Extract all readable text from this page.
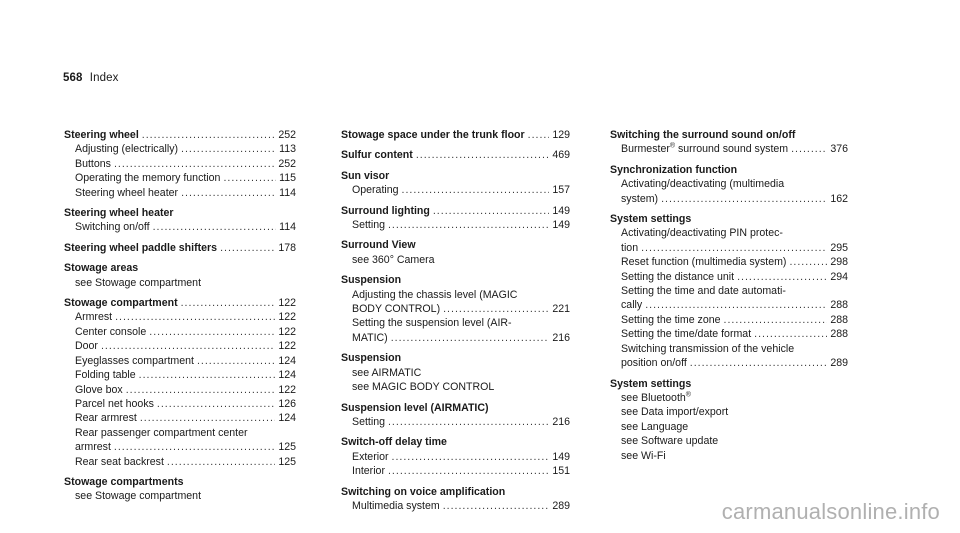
568 Index
Steering wheel .....	252
Adjusting (electrically) .....	113
Buttons .....	252
Operating the memory function .....	115
Steering wheel heater .....	114
Steering wheel heater
Switching on/off .....	114
Steering wheel paddle shifters .....	178
Stowage areas
see Stowage compartment
Stowage compartment .....	122
Armrest .....	122
Center console .....	122
Door .....	122
Eyeglasses compartment .....	124
Folding table .....	124
Glove box .....	122
Parcel net hooks .....	126
Rear armrest .....	124
Rear passenger compartment center
armrest .....	125
Rear seat backrest .....	125
Stowage compartments
see Stowage compartment
Stowage space under the trunk floor .....	129
Sulfur content .....	469
Sun visor
Operating .....	157
Surround lighting .....	149
Setting .....	149
Surround View
see 360° Camera
Suspension
Adjusting the chassis level (MAGIC
BODY CONTROL) .....	221
Setting the suspension level (AIR-
MATIC) .....	216
Suspension
see AIRMATIC
see MAGIC BODY CONTROL
Suspension level (AIRMATIC)
Setting .....	216
Switch-off delay time
Exterior .....	149
Interior .....	151
Switching on voice amplification
Multimedia system .....	289
Switching the surround sound on/off
Burmester® surround sound system .....	376
Synchronization function
Activating/deactivating (multimedia
system) .....	162
System settings
Activating/deactivating PIN protec-
tion .....	295
Reset function (multimedia system) .....	298
Setting the distance unit .....	294
Setting the time and date automati-
cally .....	288
Setting the time zone .....	288
Setting the time/date format .....	288
Switching transmission of the vehicle
position on/off .....	289
System settings
see Bluetooth®
see Data import/export
see Language
see Software update
see Wi-Fi
carmanualsonline.info
